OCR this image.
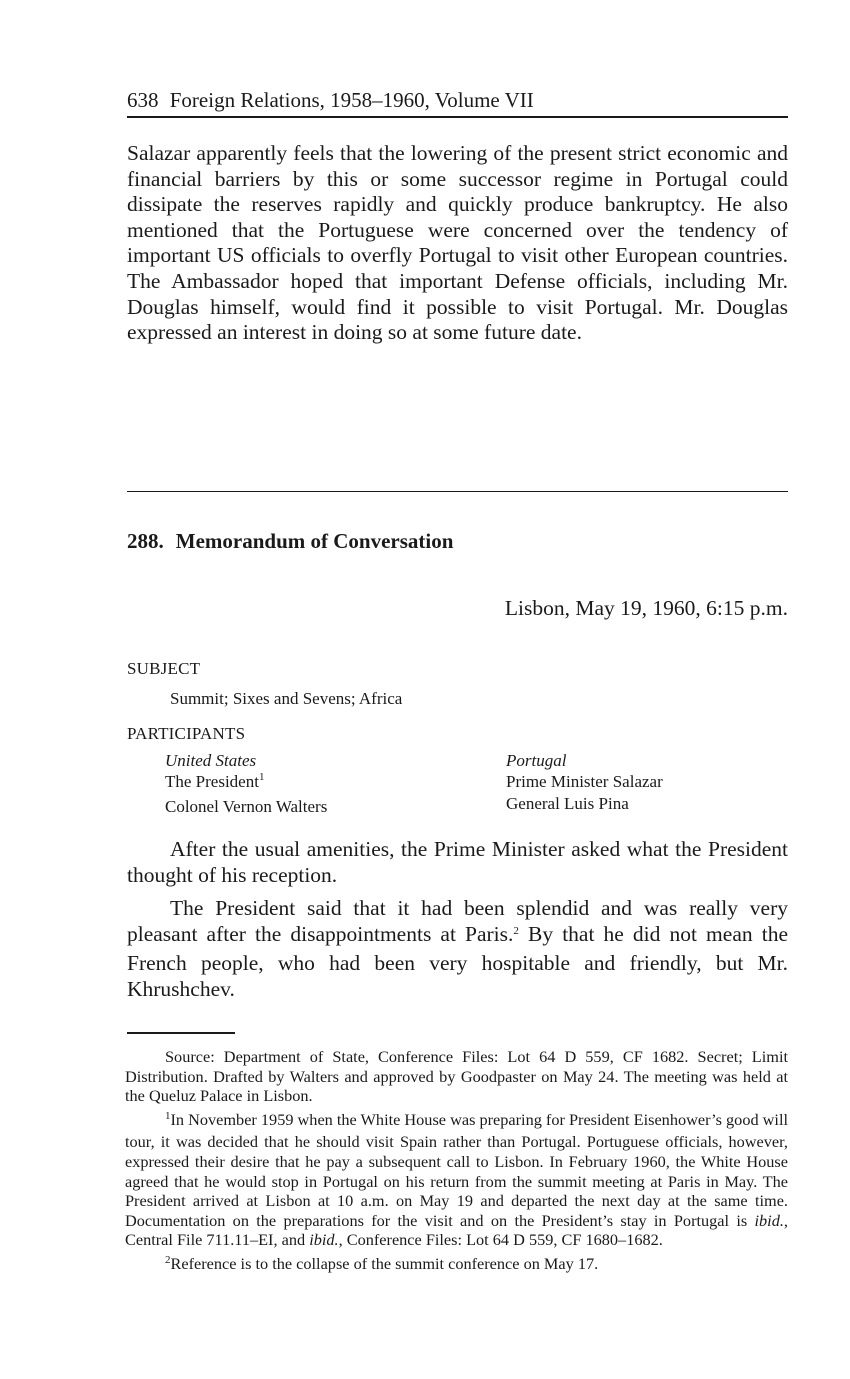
638 Foreign Relations, 1958–1960, Volume VII

Salazar apparently feels that the lowering of the present strict economic and financial barriers by this or some successor regime in Portugal could dissipate the reserves rapidly and quickly produce bankruptcy. He also mentioned that the Portuguese were concerned over the tendency of important US officials to overfly Portugal to visit other European countries. The Ambassador hoped that important Defense officials, including Mr. Douglas himself, would find it possible to visit Portugal. Mr. Douglas expressed an interest in doing so at some future date.

288. Memorandum of Conversation
Lisbon, May 19, 1960, 6:15 p.m.
SUBJECT
Summit; Sixes and Sevens; Africa
PARTICIPANTS
United States
The President$^1$
Colonel Vernon Walters
Portugal
Prime Minister Salazar
General Luis Pina

After the usual amenities, the Prime Minister asked what the President thought of his reception.

The President said that it had been splendid and was really very pleasant after the disappointments at Paris.$^2$ By that he did not mean the French people, who had been very hospitable and friendly, but Mr. Khrushchev.

Source: Department of State, Conference Files: Lot 64 D 559, CF 1682. Secret; Limit Distribution. Drafted by Walters and approved by Goodpaster on May 24. The meeting was held at the Queluz Palace in Lisbon.

$^1$In November 1959 when the White House was preparing for President Eisenhower’s good will tour, it was decided that he should visit Spain rather than Portugal. Portuguese officials, however, expressed their desire that he pay a subsequent call to Lisbon. In February 1960, the White House agreed that he would stop in Portugal on his return from the summit meeting at Paris in May. The President arrived at Lisbon at 10 a.m. on May 19 and departed the next day at the same time. Documentation on the preparations for the visit and on the President’s stay in Portugal is ibid., Central File 711.11–EI, and ibid., Conference Files: Lot 64 D 559, CF 1680–1682.

$^2$Reference is to the collapse of the summit conference on May 17.
